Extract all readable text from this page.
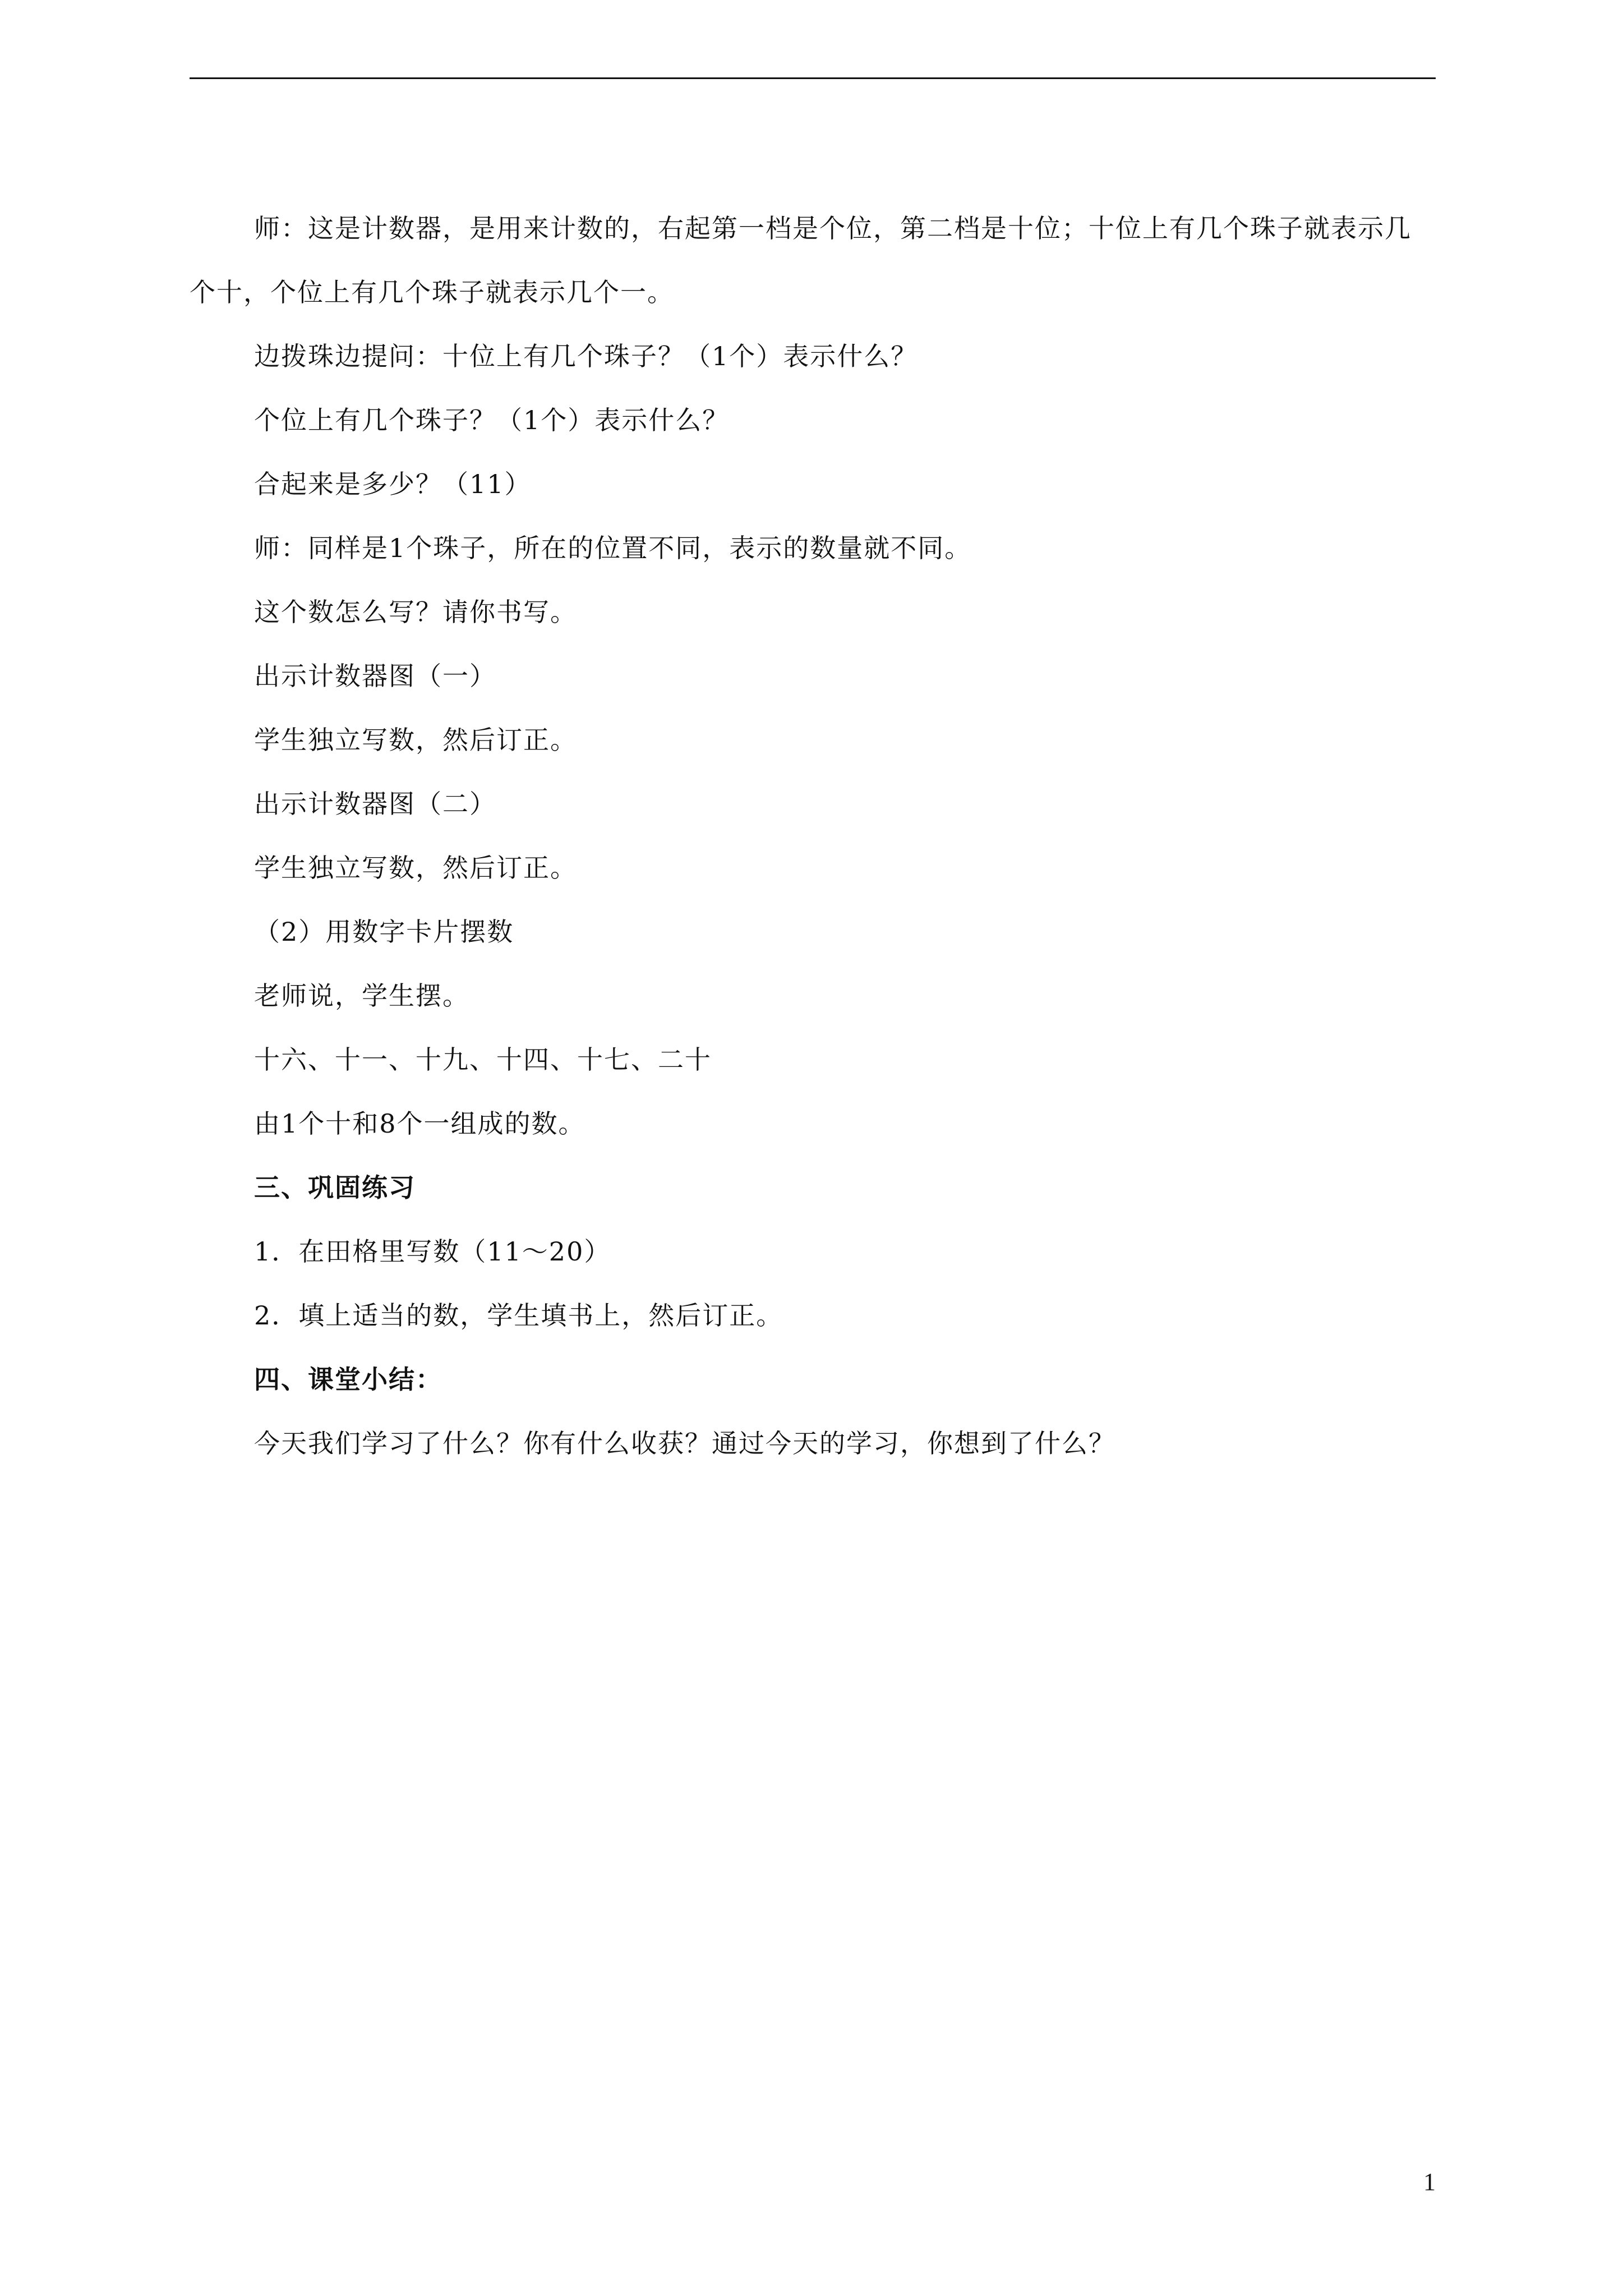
师：这是计数器，是用来计数的，右起第一档是个位，第二档是十位；十位上有几个珠子就表示几个十，个位上有几个珠子就表示几个一。

边拨珠边提问：十位上有几个珠子？（1个）表示什么？

个位上有几个珠子？（1个）表示什么？

合起来是多少？（11）

师：同样是1个珠子，所在的位置不同，表示的数量就不同。

这个数怎么写？请你书写。

出示计数器图（一）

学生独立写数，然后订正。

出示计数器图（二）

学生独立写数，然后订正。

（2）用数字卡片摆数

老师说，学生摆。

十六、十一、十九、十四、十七、二十

由1个十和8个一组成的数。

三、巩固练习

1．在田格里写数（11～20）

2．填上适当的数，学生填书上，然后订正。

四、课堂小结：

今天我们学习了什么？你有什么收获？通过今天的学习，你想到了什么？

1
